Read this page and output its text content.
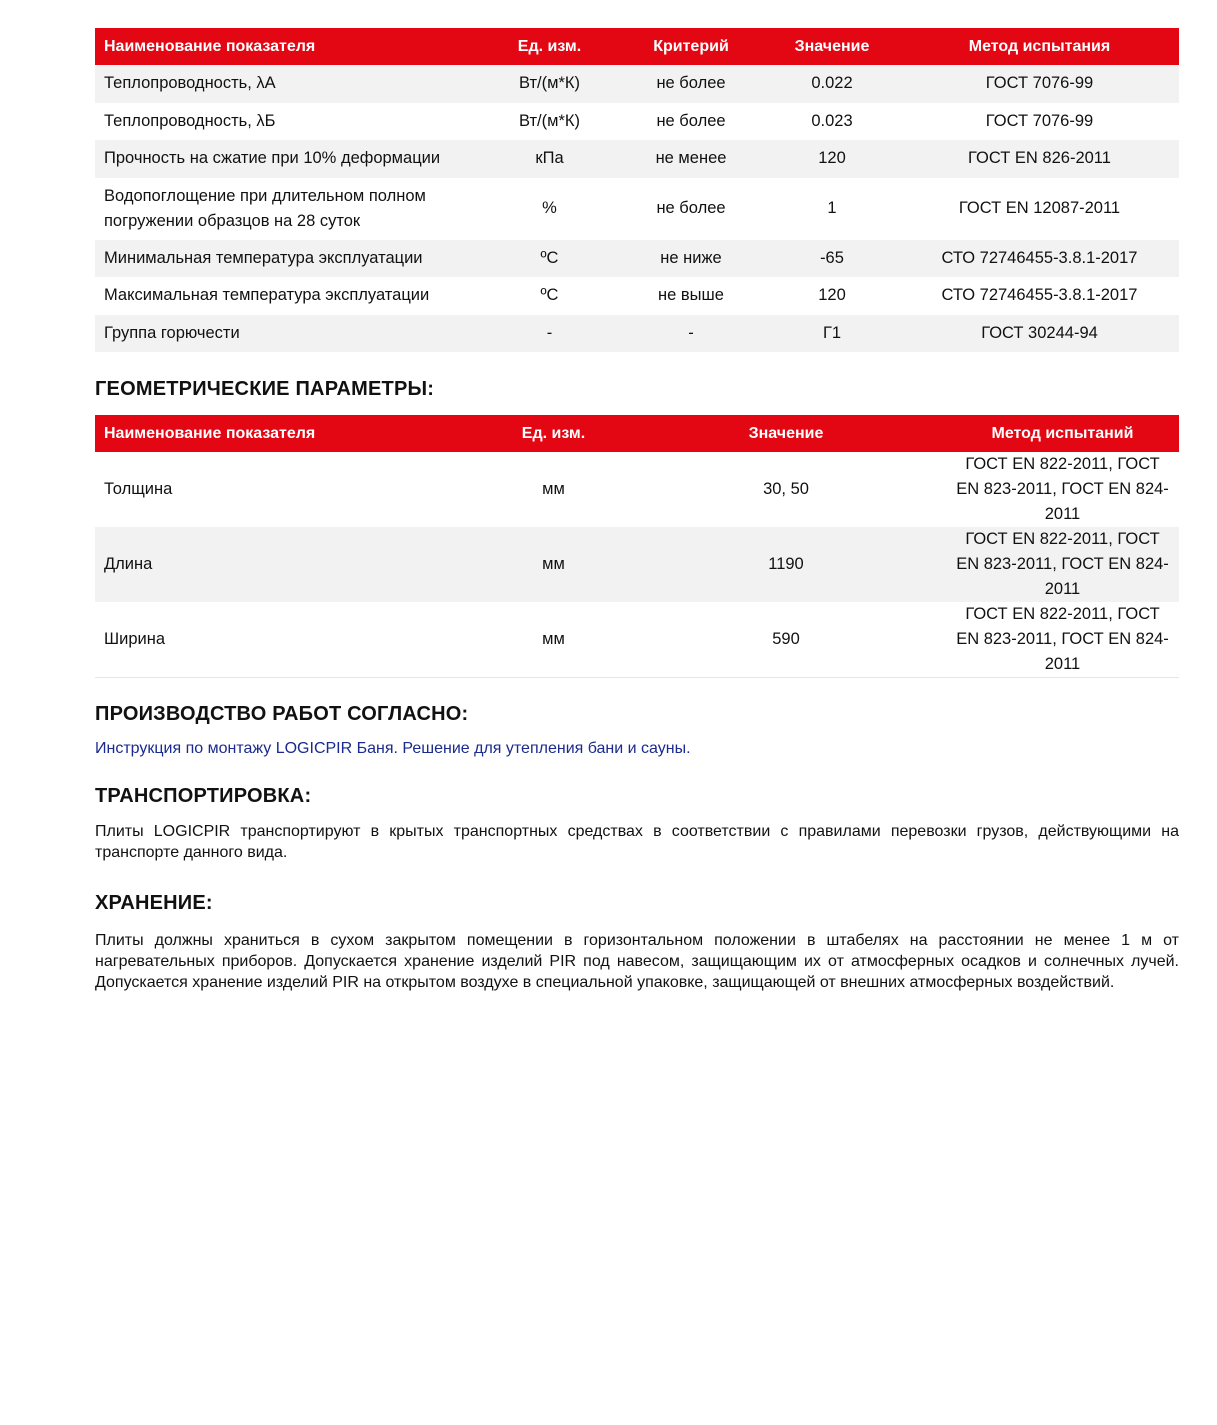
Наименование показателя	Ед. изм.	Критерий	Значение	Метод испытания
Теплопроводность, λА	Вт/(м*К)	не более	0.022	ГОСТ 7076-99
Теплопроводность, λБ	Вт/(м*К)	не более	0.023	ГОСТ 7076-99
Прочность на сжатие при 10% деформации	кПа	не менее	120	ГОСТ EN 826-2011
Водопоглощение при длительном полном погружении образцов на 28 суток	%	не более	1	ГОСТ EN 12087-2011
Минимальная температура эксплуатации	ºС	не ниже	-65	СТО 72746455-3.8.1-2017
Максимальная температура эксплуатации	ºС	не выше	120	СТО 72746455-3.8.1-2017
Группа горючести	-	-	Г1	ГОСТ 30244-94
ГЕОМЕТРИЧЕСКИЕ ПАРАМЕТРЫ:
Наименование показателя	Ед. изм.	Значение	Метод испытаний
Толщина	мм	30, 50	ГОСТ EN 822-2011, ГОСТ EN 823-2011, ГОСТ EN 824-2011
Длина	мм	1190	ГОСТ EN 822-2011, ГОСТ EN 823-2011, ГОСТ EN 824-2011
Ширина	мм	590	ГОСТ EN 822-2011, ГОСТ EN 823-2011, ГОСТ EN 824-2011
ПРОИЗВОДСТВО РАБОТ СОГЛАСНО:
Инструкция по монтажу LOGICPIR Баня. Решение для утепления бани и сауны.
ТРАНСПОРТИРОВКА:

Плиты LOGICPIR транспортируют в крытых транспортных средствах в соответствии с правилами перевозки грузов, действующими на транспорте данного вида.

ХРАНЕНИЕ:

Плиты должны храниться в сухом закрытом помещении в горизонтальном положении в штабелях на расстоянии не менее 1 м от нагревательных приборов. Допускается хранение изделий PIR под навесом, защищающим их от атмосферных осадков и солнечных лучей. Допускается хранение изделий PIR на открытом воздухе в специальной упаковке, защищающей от внешних атмосферных воздействий.
